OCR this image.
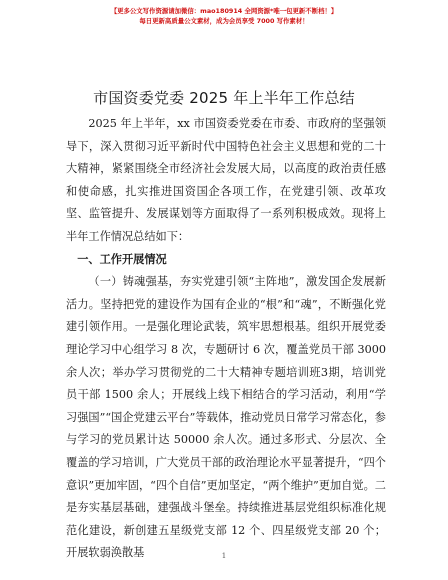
【更多公文写作资源请加微信：mao180914 全网资源*唯一包更新不断档！】
每日更新高质量公文素材，成为会员享受 7000 写作素材！
市国资委党委 2025 年上半年工作总结

2025 年上半年，xx 市国资委党委在市委、市政府的坚强领导下，深入贯彻习近平新时代中国特色社会主义思想和党的二十大精神，紧紧围绕全市经济社会发展大局，以高度的政治责任感和使命感，扎实推进国资国企各项工作，在党建引领、改革攻坚、监管提升、发展谋划等方面取得了一系列积极成效。现将上半年工作情况总结如下：

一、工作开展情况

（一）铸魂强基，夯实党建引领“主阵地”，激发国企发展新活力。坚持把党的建设作为国有企业的“根”和“魂”，不断强化党建引领作用。一是强化理论武装，筑牢思想根基。组织开展党委理论学习中心组学习 8 次，专题研讨 6 次，覆盖党员干部 3000 余人次；举办学习贯彻党的二十大精神专题培训班3期，培训党员干部 1500 余人；开展线上线下相结合的学习活动，利用“学习强国”“国企党建云平台”等载体，推动党员日常学习常态化，参与学习的党员累计达 50000 余人次。通过多形式、分层次、全覆盖的学习培训，广大党员干部的政治理论水平显著提升，“四个意识”更加牢固，“四个自信”更加坚定，“两个维护”更加自觉。二是夯实基层基础，建强战斗堡垒。持续推进基层党组织标准化规范化建设，新创建五星级党支部 12 个、四星级党支部 20 个；开展软弱涣散基	1
